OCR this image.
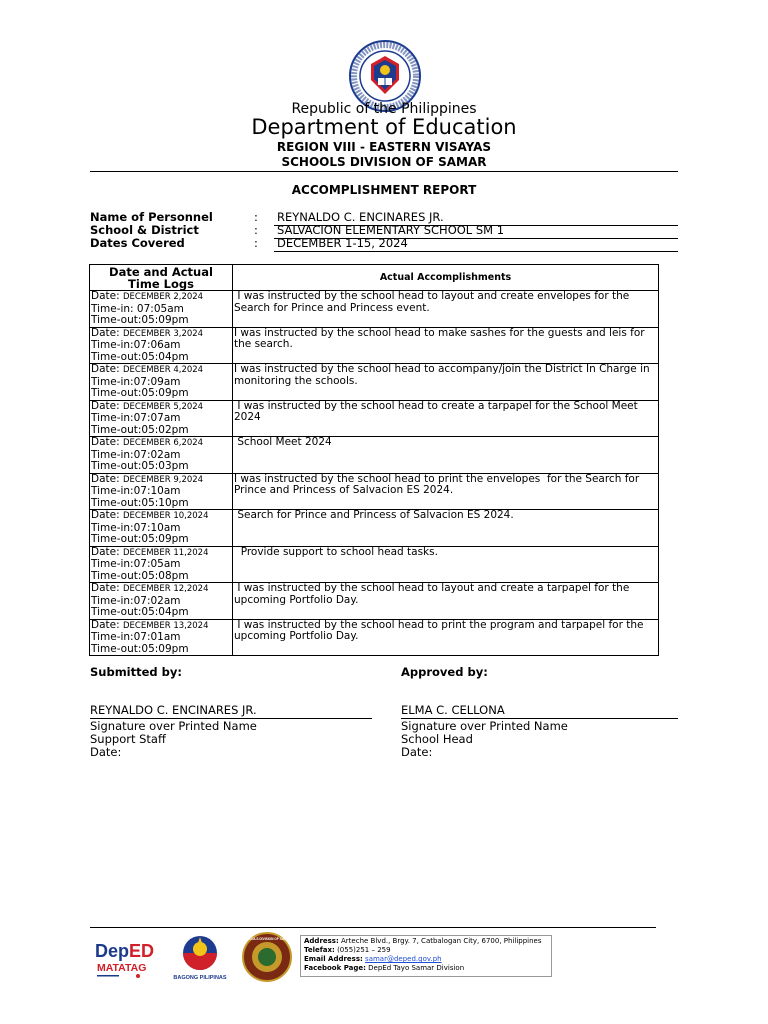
Republic of the Philippines
Department of Education
REGION VIII - EASTERN VISAYAS
SCHOOLS DIVISION OF SAMAR
ACCOMPLISHMENT REPORT
Name of Personnel	: REYNALDO C. ENCINARES JR.
School & District	: SALVACION ELEMENTARY SCHOOL SM 1
Dates Covered	: DECEMBER 1-15, 2024
Date and Actual
Time Logs	Actual Accomplishments

Date: DECEMBER 2,2024
Time-in: 07:05am
Time-out:05:09pm	I was instructed by the school head to layout and create envelopes for the Search for Prince and Princess event.

Date: DECEMBER 3,2024
Time-in:07:06am
Time-out:05:04pm	I was instructed by the school head to make sashes for the guests and leis for the search.

Date: DECEMBER 4,2024
Time-in:07:09am
Time-out:05:09pm	I was instructed by the school head to accompany/join the District In Charge in monitoring the schools.

Date: DECEMBER 5,2024
Time-in:07:07am
Time-out:05:02pm	I was instructed by the school head to create a tarpapel for the School Meet 2024

Date: DECEMBER 6,2024
Time-in:07:02am
Time-out:05:03pm	School Meet 2024

Date: DECEMBER 9,2024
Time-in:07:10am
Time-out:05:10pm	I was instructed by the school head to print the envelopes  for the Search for Prince and Princess of Salvacion ES 2024.

Date: DECEMBER 10,2024
Time-in:07:10am
Time-out:05:09pm	Search for Prince and Princess of Salvacion ES 2024.

Date: DECEMBER 11,2024
Time-in:07:05am
Time-out:05:08pm	Provide support to school head tasks.

Date: DECEMBER 12,2024
Time-in:07:02am
Time-out:05:04pm	I was instructed by the school head to layout and create a tarpapel for the upcoming Portfolio Day.

Date: DECEMBER 13,2024
Time-in:07:01am
Time-out:05:09pm	I was instructed by the school head to print the program and tarpapel for the upcoming Portfolio Day.
Submitted by:	Approved by:
REYNALDO C. ENCINARES JR.
Signature over Printed Name
Support Staff
Date:
ELMA C. CELLONA
Signature over Printed Name
School Head
Date:
DepED
MATATAG
BAGONG PILIPINAS
SCHOOLS DIVISION OF SAMAR Address: Arteche Blvd., Brgy. 7, Catbalogan City, 6700, Philippines
Telefax: (055)251 – 259
Email Address: samar@deped.gov.ph
Facebook Page: DepEd Tayo Samar Division
